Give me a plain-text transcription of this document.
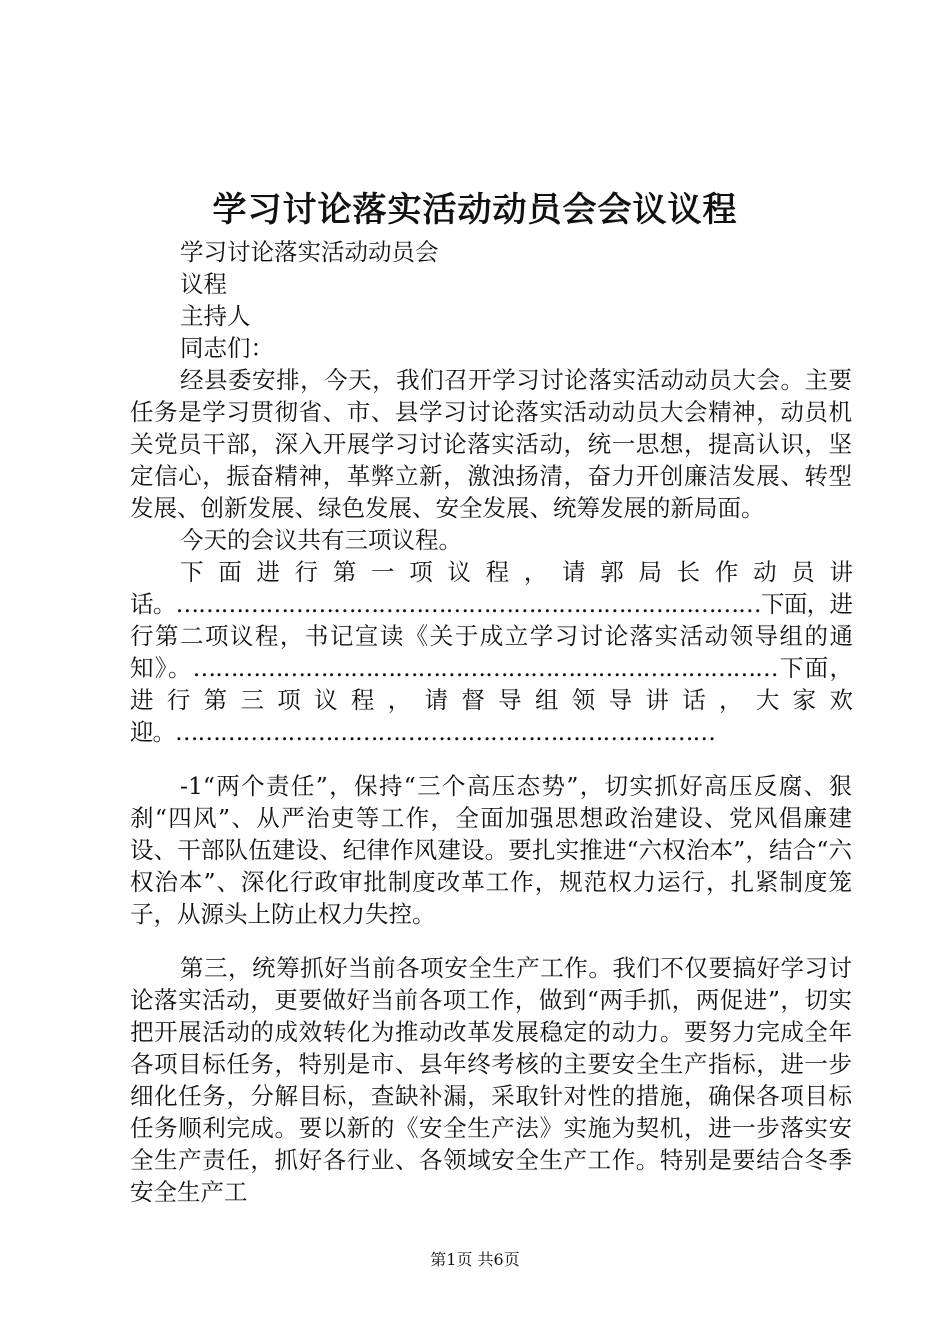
学习讨论落实活动动员会会议议程
学习讨论落实活动动员会
议程
主持人
同志们：

经县委安排，今天，我们召开学习讨论落实活动动员大会。主要任务是学习贯彻省、市、县学习讨论落实活动动员大会精神，动员机关党员干部，深入开展学习讨论落实活动，统一思想，提高认识，坚定信心，振奋精神，革弊立新，激浊扬清，奋力开创廉洁发展、转型发展、创新发展、绿色发展、安全发展、统筹发展的新局面。

今天的会议共有三项议程。

下面进行第一项议程，请郭局长作动员讲话。……………………………………………………………………下面，进行第二项议程，书记宣读《关于成立学习讨论落实活动领导组的通知》。……………………………………………………………………下面，进行第三项议程，请督导组领导讲话，大家欢迎。………………………………………………………………

-1“两个责任”，保持“三个高压态势”，切实抓好高压反腐、狠刹“四风”、从严治吏等工作，全面加强思想政治建设、党风倡廉建设、干部队伍建设、纪律作风建设。要扎实推进“六权治本”，结合“六权治本”、深化行政审批制度改革工作，规范权力运行，扎紧制度笼子，从源头上防止权力失控。

第三，统筹抓好当前各项安全生产工作。我们不仅要搞好学习讨论落实活动，更要做好当前各项工作，做到“两手抓，两促进”，切实把开展活动的成效转化为推动改革发展稳定的动力。要努力完成全年各项目标任务，特别是市、县年终考核的主要安全生产指标，进一步细化任务，分解目标，查缺补漏，采取针对性的措施，确保各项目标任务顺利完成。要以新的《安全生产法》实施为契机，进一步落实安全生产责任，抓好各行业、各领域安全生产工作。特别是要结合冬季安全生产工

第1页 共6页
